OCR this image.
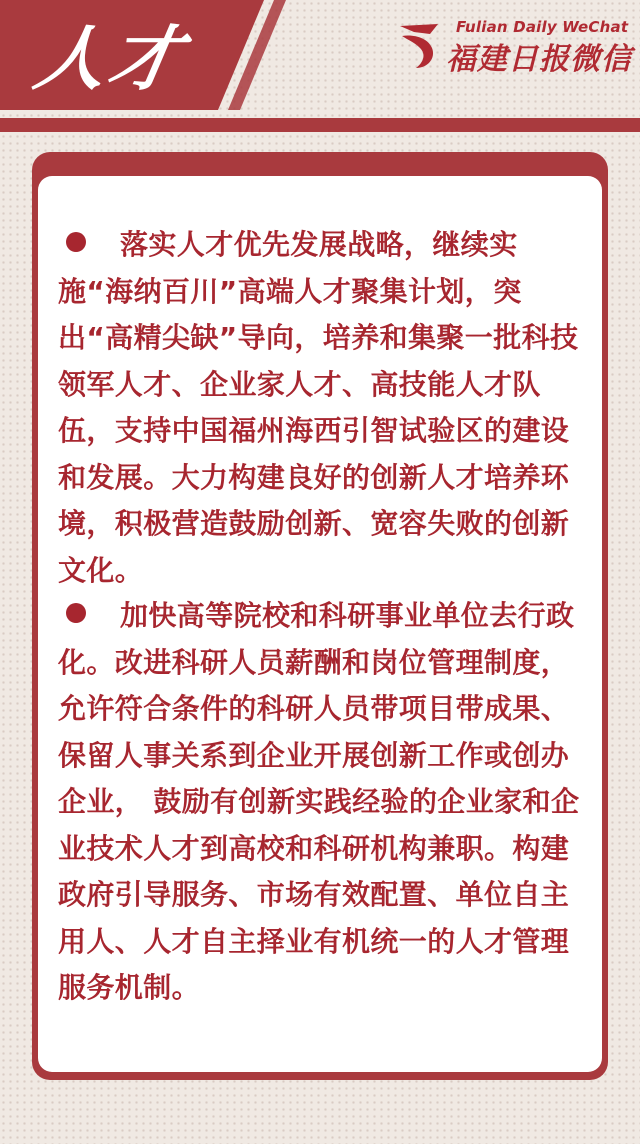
人才	Fulian Daily WeChat
福建日报微信

落实人才优先发展战略，继续实施“海纳百川”高端人才聚集计划，突出“高精尖缺”导向，培养和集聚一批科技领军人才、企业家人才、高技能人才队伍，支持中国福州海西引智试验区的建设和发展。大力构建良好的创新人才培养环境，积极营造鼓励创新、宽容失败的创新文化。

加快高等院校和科研事业单位去行政化。改进科研人员薪酬和岗位管理制度，允许符合条件的科研人员带项目带成果、保留人事关系到企业开展创新工作或创办企业， 鼓励有创新实践经验的企业家和企业技术人才到高校和科研机构兼职。构建政府引导服务、市场有效配置、单位自主用人、人才自主择业有机统一的人才管理服务机制。
